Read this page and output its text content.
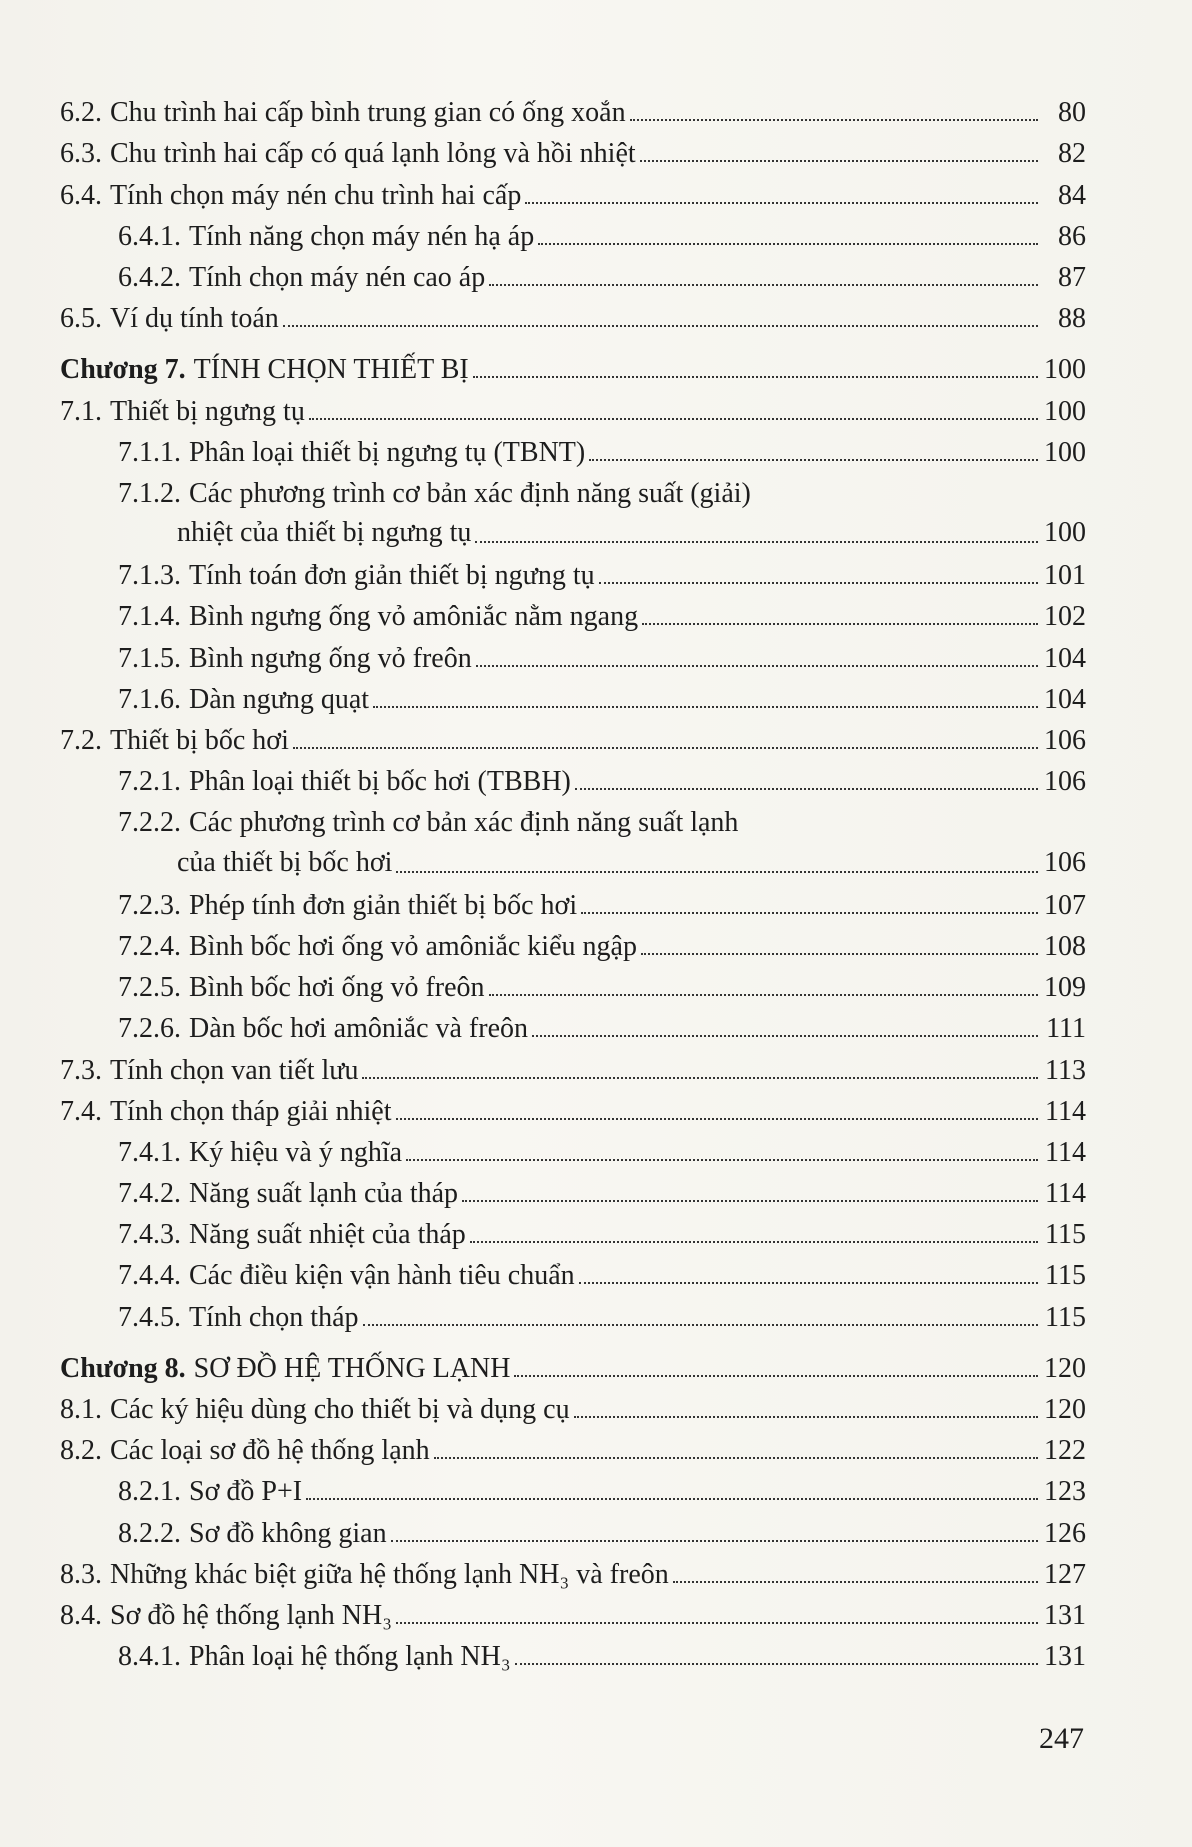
6.2. Chu trình hai cấp bình trung gian có ống xoắn	80
6.3. Chu trình hai cấp có quá lạnh lỏng và hồi nhiệt	82
6.4. Tính chọn máy nén chu trình hai cấp	84
6.4.1. Tính năng chọn máy nén hạ áp	86
6.4.2. Tính chọn máy nén cao áp	87
6.5. Ví dụ tính toán	88
Chương 7. TÍNH CHỌN THIẾT BỊ	100
7.1. Thiết bị ngưng tụ	100
7.1.1. Phân loại thiết bị ngưng tụ (TBNT)	100
7.1.2. Các phương trình cơ bản xác định năng suất (giải)
nhiệt của thiết bị ngưng tụ	100
7.1.3. Tính toán đơn giản thiết bị ngưng tụ	101
7.1.4. Bình ngưng ống vỏ amôniắc nằm ngang	102
7.1.5. Bình ngưng ống vỏ freôn	104
7.1.6. Dàn ngưng quạt	104
7.2. Thiết bị bốc hơi	106
7.2.1. Phân loại thiết bị bốc hơi (TBBH)	106
7.2.2. Các phương trình cơ bản xác định năng suất lạnh
của thiết bị bốc hơi	106
7.2.3. Phép tính đơn giản thiết bị bốc hơi	107
7.2.4. Bình bốc hơi ống vỏ amôniắc kiểu ngập	108
7.2.5. Bình bốc hơi ống vỏ freôn	109
7.2.6. Dàn bốc hơi amôniắc và freôn	111
7.3. Tính chọn van tiết lưu	113
7.4. Tính chọn tháp giải nhiệt	114
7.4.1. Ký hiệu và ý nghĩa	114
7.4.2. Năng suất lạnh của tháp	114
7.4.3. Năng suất nhiệt của tháp	115
7.4.4. Các điều kiện vận hành tiêu chuẩn	115
7.4.5. Tính chọn tháp	115
Chương 8. SƠ ĐỒ HỆ THỐNG LẠNH	120
8.1. Các ký hiệu dùng cho thiết bị và dụng cụ	120
8.2. Các loại sơ đồ hệ thống lạnh	122
8.2.1. Sơ đồ P+I	123
8.2.2. Sơ đồ không gian	126
8.3. Những khác biệt giữa hệ thống lạnh NH₃ và freôn	127
8.4. Sơ đồ hệ thống lạnh NH₃	131
8.4.1. Phân loại hệ thống lạnh NH₃	131
247
